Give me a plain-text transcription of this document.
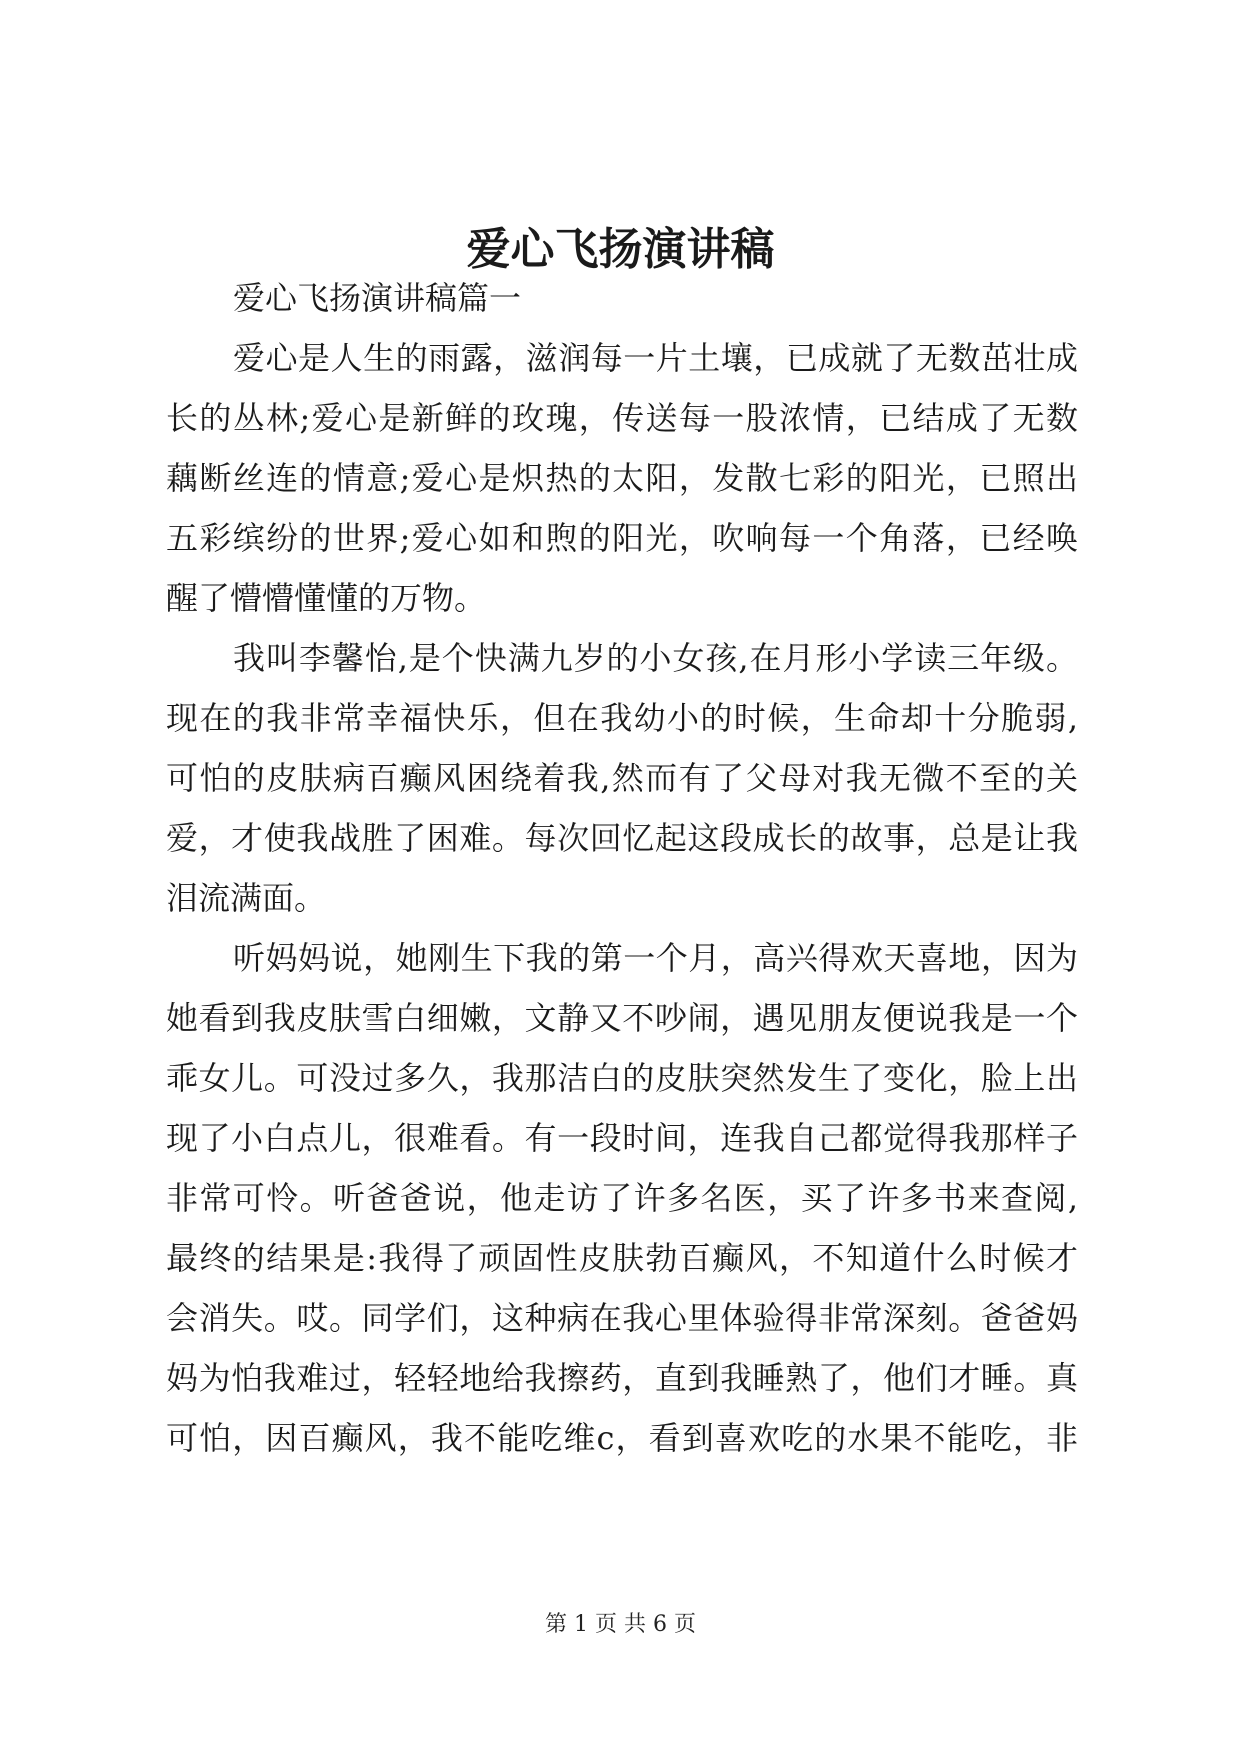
爱心飞扬演讲稿
爱心飞扬演讲稿篇一
爱心是人生的雨露，滋润每一片土壤，已成就了无数茁壮成
长的丛林;爱心是新鲜的玫瑰，传送每一股浓情，已结成了无数
藕断丝连的情意;爱心是炽热的太阳，发散七彩的阳光，已照出
五彩缤纷的世界;爱心如和煦的阳光，吹响每一个角落，已经唤
醒了懵懵懂懂的万物。
我叫李馨怡,是个快满九岁的小女孩,在月形小学读三年级。
现在的我非常幸福快乐，但在我幼小的时候，生命却十分脆弱,
可怕的皮肤病百癫风困绕着我,然而有了父母对我无微不至的关
爱，才使我战胜了困难。每次回忆起这段成长的故事，总是让我
泪流满面。
听妈妈说，她刚生下我的第一个月，高兴得欢天喜地，因为
她看到我皮肤雪白细嫩，文静又不吵闹，遇见朋友便说我是一个
乖女儿。可没过多久，我那洁白的皮肤突然发生了变化，脸上出
现了小白点儿，很难看。有一段时间，连我自己都觉得我那样子
非常可怜。听爸爸说，他走访了许多名医，买了许多书来查阅,
最终的结果是:我得了顽固性皮肤勃百癫风，不知道什么时候才
会消失。哎。同学们，这种病在我心里体验得非常深刻。爸爸妈
妈为怕我难过，轻轻地给我擦药，直到我睡熟了，他们才睡。真
可怕，因百癫风，我不能吃维c，看到喜欢吃的水果不能吃，非
第 1 页 共 6 页
